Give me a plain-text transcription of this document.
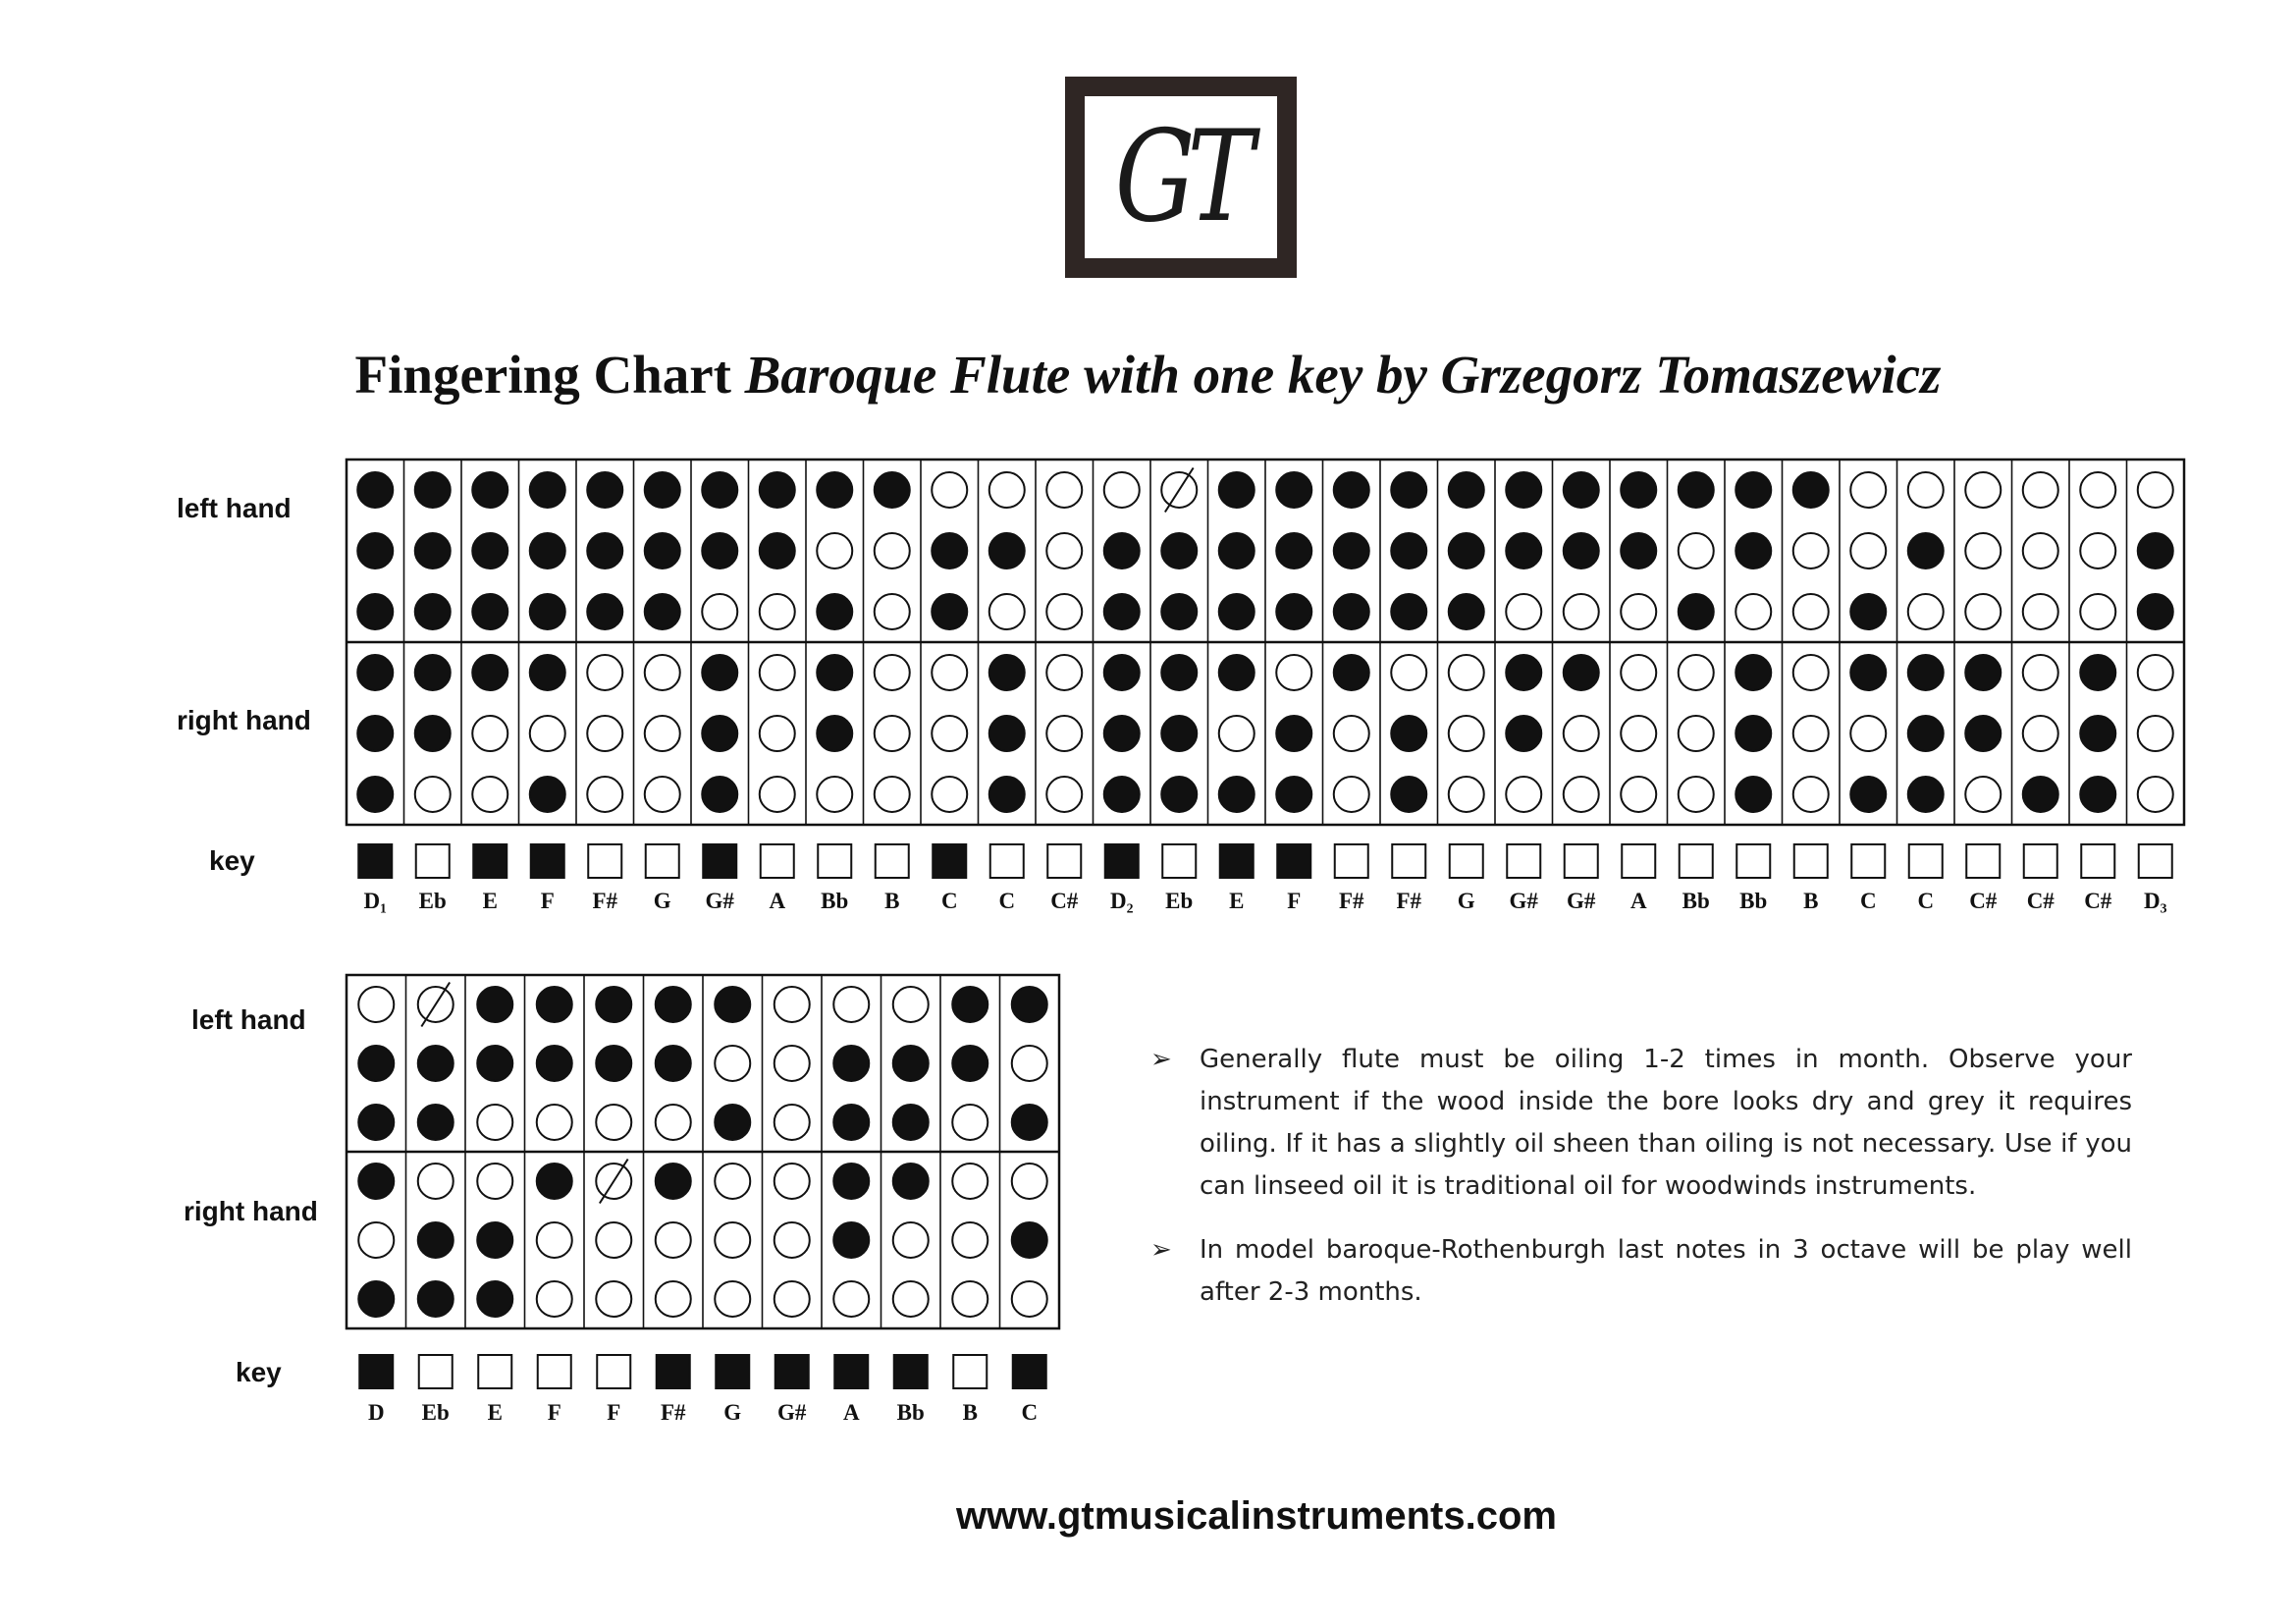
GT
Fingering Chart Baroque Flute with one key by Grzegorz Tomaszewicz
left hand
right hand
key
left hand
right hand
key
D₁ Eb E F F# G G# A Bb B C C C# D₂ Eb E F F# F# G G# G# A Bb Bb B C C C# C# C# D₃
D Eb E F F F# G G# A Bb B C
➢ Generally flute must be oiling 1-2 times in month. Observe your instrument if the wood inside the bore looks dry and grey it requires oiling. If it has a slightly oil sheen than oiling is not necessary. Use if you can linseed oil it is traditional oil for woodwinds instruments.
➢ In model baroque-Rothenburgh last notes in 3 octave will be play well after 2-3 months.
www.gtmusicalinstruments.com
